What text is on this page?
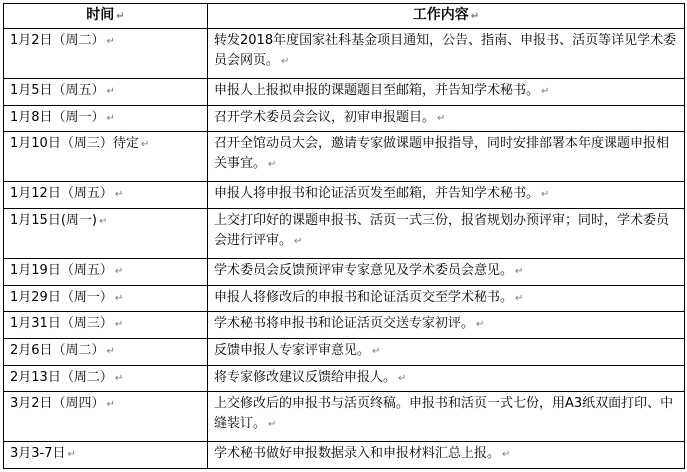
时间 ↵	工作内容 ↵
1月2日（周二） ↵	转发2018年度国家社科基金项目通知，公告、指南、申报书、活页等详见学术委员会网页。 ↵
1月5日（周五） ↵	申报人上报拟申报的课题题目至邮箱，并告知学术秘书。 ↵
1月8日（周一） ↵	召开学术委员会会议，初审申报题目。 ↵
1月10日（周三）待定 ↵	召开全馆动员大会，邀请专家做课题申报指导，同时安排部署本年度课题申报相关事宜。 ↵
1月12日（周五） ↵	申报人将申报书和论证活页发至邮箱，并告知学术秘书。 ↵
1月15日(周一) ↵	上交打印好的课题申报书、活页一式三份，报省规划办预评审；同时，学术委员会进行评审。 ↵
1月19日（周五） ↵	学术委员会反馈预评审专家意见及学术委员会意见。 ↵
1月29日（周一） ↵	申报人将修改后的申报书和论证活页交至学术秘书。 ↵
1月31日（周三） ↵	学术秘书将申报书和论证活页交送专家初评。 ↵
2月6日（周二） ↵	反馈申报人专家评审意见。 ↵
2月13日（周二） ↵	将专家修改建议反馈给申报人。 ↵
3月2日（周四） ↵	上交修改后的申报书与活页终稿。申报书和活页一式七份，用A3纸双面打印、中缝装订。 ↵
3月3-7日 ↵	学术秘书做好申报数据录入和申报材料汇总上报。 ↵
